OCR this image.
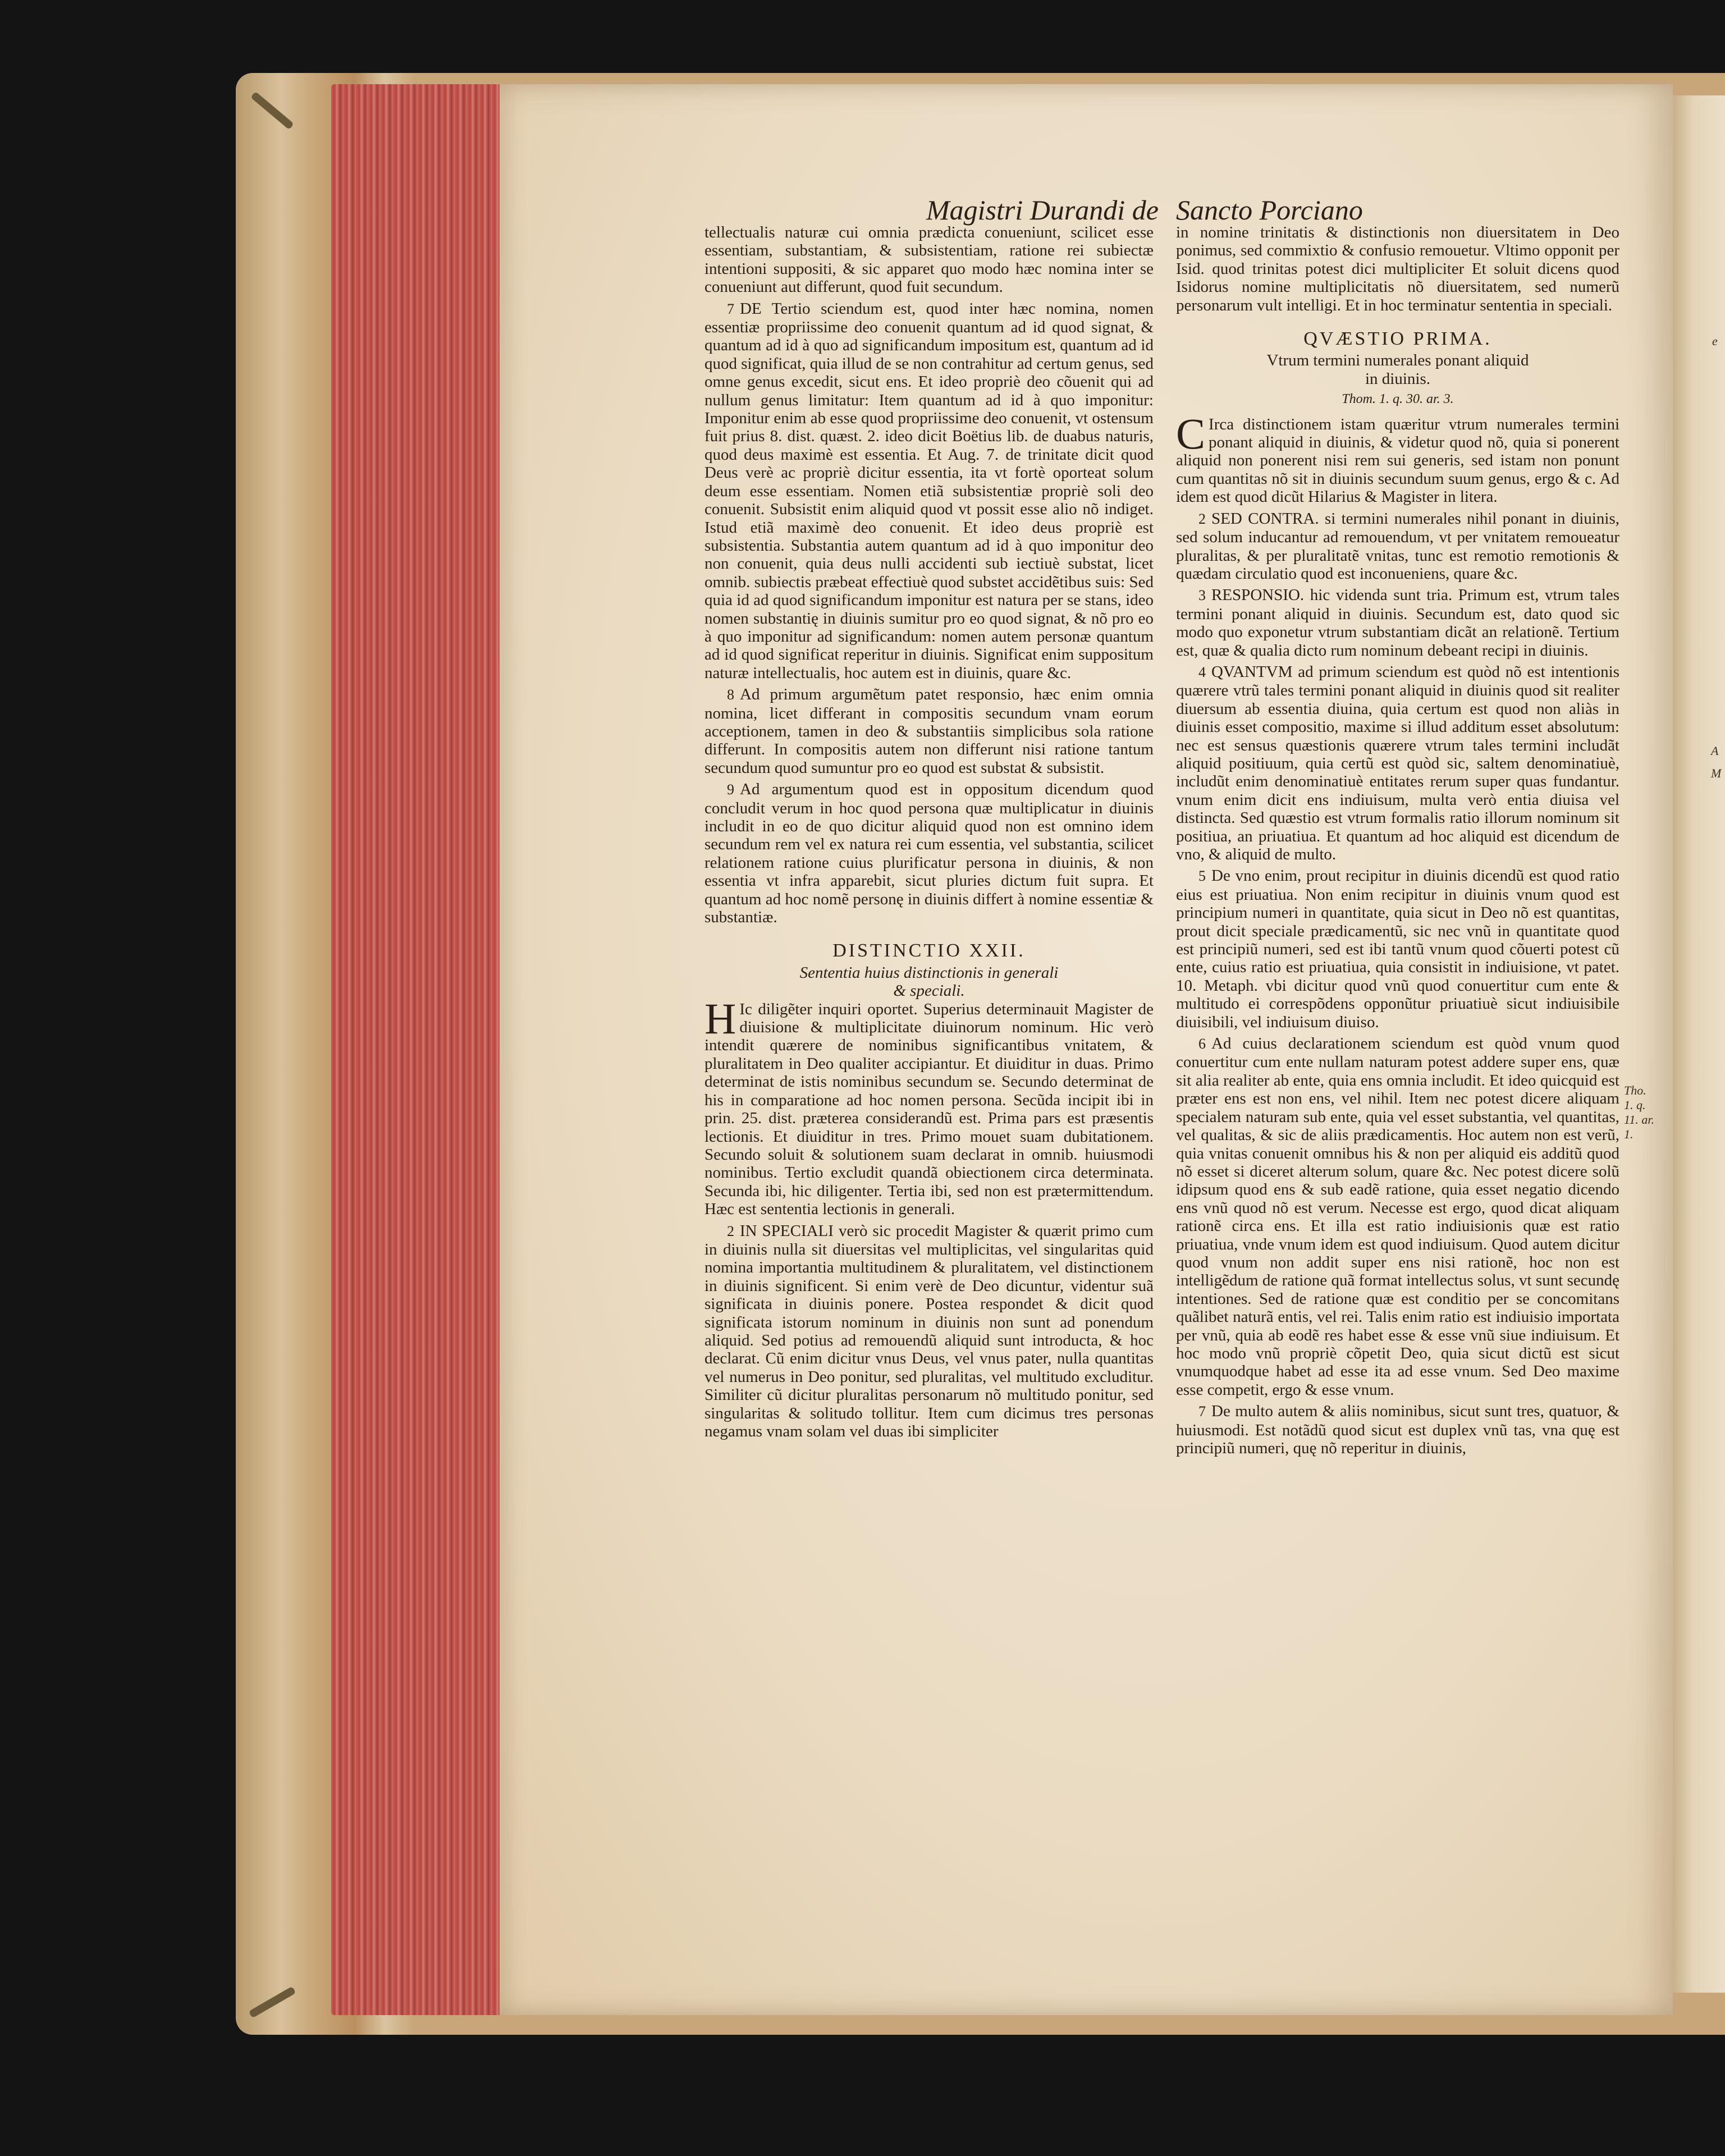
Magistri Durandi de Sancto Porciano

tellectualis naturæ cui omnia prædicta conueniunt, scilicet esse essentiam, substantiam, & subsistentiam, ratione rei subiectæ intentioni suppositi, & sic apparet quo modo hæc nomina inter se conueniunt aut differunt, quod fuit secundum.

7 DE Tertio sciendum est, quod inter hæc nomina, nomen essentiæ propriissime deo conuenit quantum ad id quod signat, & quantum ad id à quo ad significandum impositum est, quantum ad id quod significat, quia illud de se non contrahitur ad certum genus, sed omne genus excedit, sicut ens. Et ideo propriè deo cõuenit qui ad nullum genus limitatur: Item quantum ad id à quo imponitur: Imponitur enim ab esse quod propriissime deo conuenit, vt ostensum fuit prius 8. dist. quæst. 2. ideo dicit Boëtius lib. de duabus naturis, quod deus maximè est essentia. Et Aug. 7. de trinitate dicit quod Deus verè ac propriè dicitur essentia, ita vt fortè oporteat solum deum esse essentiam. Nomen etiã subsistentiæ propriè soli deo conuenit. Subsistit enim aliquid quod vt possit esse alio nõ indiget. Istud etiã maximè deo conuenit. Et ideo deus propriè est subsistentia. Substantia autem quantum ad id à quo imponitur deo non conuenit, quia deus nulli accidenti sub iectiuè substat, licet omnib. subiectis præbeat effectiuè quod substet accidẽtibus suis: Sed quia id ad quod significandum imponitur est natura per se stans, ideo nomen substantię in diuinis sumitur pro eo quod signat, & nõ pro eo à quo imponitur ad significandum: nomen autem personæ quantum ad id quod significat reperitur in diuinis. Significat enim suppositum naturæ intellectualis, hoc autem est in diuinis, quare &c.

8 Ad primum argumẽtum patet responsio, hæc enim omnia nomina, licet differant in compositis secundum vnam eorum acceptionem, tamen in deo & substantiis simplicibus sola ratione differunt. In compositis autem non differunt nisi ratione tantum secundum quod sumuntur pro eo quod est substat & subsistit.

9 Ad argumentum quod est in oppositum dicendum quod concludit verum in hoc quod persona quæ multiplicatur in diuinis includit in eo de quo dicitur aliquid quod non est omnino idem secundum rem vel ex natura rei cum essentia, vel substantia, scilicet relationem ratione cuius plurificatur persona in diuinis, & non essentia vt infra apparebit, sicut pluries dictum fuit supra. Et quantum ad hoc nomẽ personę in diuinis differt à nomine essentiæ & substantiæ.

DISTINCTIO XXII.

Sententia huius distinctionis in generali

& speciali.

H Ic diligẽter inquiri oportet. Superius determinauit Magister de diuisione & multiplicitate diuinorum nominum. Hic verò intendit quærere de nominibus significantibus vnitatem, & pluralitatem in Deo qualiter accipiantur. Et diuiditur in duas. Primo determinat de istis nominibus secundum se. Secundo determinat de his in comparatione ad hoc nomen persona. Secũda incipit ibi in prin. 25. dist. præterea considerandũ est. Prima pars est præsentis lectionis. Et diuiditur in tres. Primo mouet suam dubitationem. Secundo soluit & solutionem suam declarat in omnib. huiusmodi nominibus. Tertio excludit quandã obiectionem circa determinata. Secunda ibi, hic diligenter. Tertia ibi, sed non est prætermittendum. Hæc est sententia lectionis in generali.

2 IN SPECIALI verò sic procedit Magister & quærit primo cum in diuinis nulla sit diuersitas vel multiplicitas, vel singularitas quid nomina importantia multitudinem & pluralitatem, vel distinctionem in diuinis significent. Si enim verè de Deo dicuntur, videntur suã significata in diuinis ponere. Postea respondet & dicit quod significata istorum nominum in diuinis non sunt ad ponendum aliquid. Sed potius ad remouendũ aliquid sunt introducta, & hoc declarat. Cũ enim dicitur vnus Deus, vel vnus pater, nulla quantitas vel numerus in Deo ponitur, sed pluralitas, vel multitudo excluditur. Similiter cũ dicitur pluralitas personarum nõ multitudo ponitur, sed singularitas & solitudo tollitur. Item cum dicimus tres personas negamus vnam solam vel duas ibi simpliciter

in nomine trinitatis & distinctionis non diuersitatem in Deo ponimus, sed commixtio & confusio remouetur. Vltimo opponit per Isid. quod trinitas potest dici multipliciter Et soluit dicens quod Isidorus nomine multiplicitatis nõ diuersitatem, sed numerũ personarum vult intelligi. Et in hoc terminatur sententia in speciali.

QVÆSTIO PRIMA.

Vtrum termini numerales ponant aliquid

in diuinis.

Thom. 1. q. 30. ar. 3.

C Irca distinctionem istam quæritur vtrum numerales termini ponant aliquid in diuinis, & videtur quod nõ, quia si ponerent aliquid non ponerent nisi rem sui generis, sed istam non ponunt cum quantitas nõ sit in diuinis secundum suum genus, ergo & c. Ad idem est quod dicũt Hilarius & Magister in litera.

2 SED CONTRA. si termini numerales nihil ponant in diuinis, sed solum inducantur ad remouendum, vt per vnitatem remoueatur pluralitas, & per pluralitatẽ vnitas, tunc est remotio remotionis & quædam circulatio quod est inconueniens, quare &c.

3 RESPONSIO. hic videnda sunt tria. Primum est, vtrum tales termini ponant aliquid in diuinis. Secundum est, dato quod sic modo quo exponetur vtrum substantiam dicãt an relationẽ. Tertium est, quæ & qualia dicto rum nominum debeant recipi in diuinis.

4 QVANTVM ad primum sciendum est quòd nõ est intentionis quærere vtrũ tales termini ponant aliquid in diuinis quod sit realiter diuersum ab essentia diuina, quia certum est quod non aliàs in diuinis esset compositio, maxime si illud additum esset absolutum: nec est sensus quæstionis quærere vtrum tales termini includãt aliquid positiuum, quia certũ est quòd sic, saltem denominatiuè, includũt enim denominatiuè entitates rerum super quas fundantur. vnum enim dicit ens indiuisum, multa verò entia diuisa vel distincta. Sed quæstio est vtrum formalis ratio illorum nominum sit positiua, an priuatiua. Et quantum ad hoc aliquid est dicendum de vno, & aliquid de multo.

5 De vno enim, prout recipitur in diuinis dicendũ est quod ratio eius est priuatiua. Non enim recipitur in diuinis vnum quod est principium numeri in quantitate, quia sicut in Deo nõ est quantitas, prout dicit speciale prædicamentũ, sic nec vnũ in quantitate quod est principiũ numeri, sed est ibi tantũ vnum quod cõuerti potest cũ ente, cuius ratio est priuatiua, quia consistit in indiuisione, vt patet. 10. Metaph. vbi dicitur quod vnũ quod conuertitur cum ente & multitudo ei correspõdens opponũtur priuatiuè sicut indiuisibile diuisibili, vel indiuisum diuiso.

6 Ad cuius declarationem sciendum est quòd vnum quod conuertitur cum ente nullam naturam potest addere super ens, quæ sit alia realiter ab ente, quia ens omnia includit. Et ideo quicquid est præter ens est non ens, vel nihil. Item nec potest dicere aliquam specialem naturam sub ente, quia vel esset substantia, vel quantitas, vel qualitas, & sic de aliis prædicamentis. Hoc autem non est verũ, quia vnitas conuenit omnibus his & non per aliquid eis additũ quod nõ esset si diceret alterum solum, quare &c. Nec potest dicere solũ idipsum quod ens & sub eadẽ ratione, quia esset negatio dicendo ens vnũ quod nõ est verum. Necesse est ergo, quod dicat aliquam rationẽ circa ens. Et illa est ratio indiuisionis quæ est ratio priuatiua, vnde vnum idem est quod indiuisum. Quod autem dicitur quod vnum non addit super ens nisi rationẽ, hoc non est intelligẽdum de ratione quã format intellectus solus, vt sunt secundę intentiones. Sed de ratione quæ est conditio per se concomitans quãlibet naturã entis, vel rei. Talis enim ratio est indiuisio importata per vnũ, quia ab eodẽ res habet esse & esse vnũ siue indiuisum. Et hoc modo vnũ propriè cõpetit Deo, quia sicut dictũ est sicut vnumquodque habet ad esse ita ad esse vnum. Sed Deo maxime esse competit, ergo & esse vnum.

7 De multo autem & aliis nominibus, sicut sunt tres, quatuor, & huiusmodi. Est notãdũ quod sicut est duplex vnũ tas, vna quę est principiũ numeri, quę nõ reperitur in diuinis,

Tho. 1. q. 11. ar. 1.
A
M
e
